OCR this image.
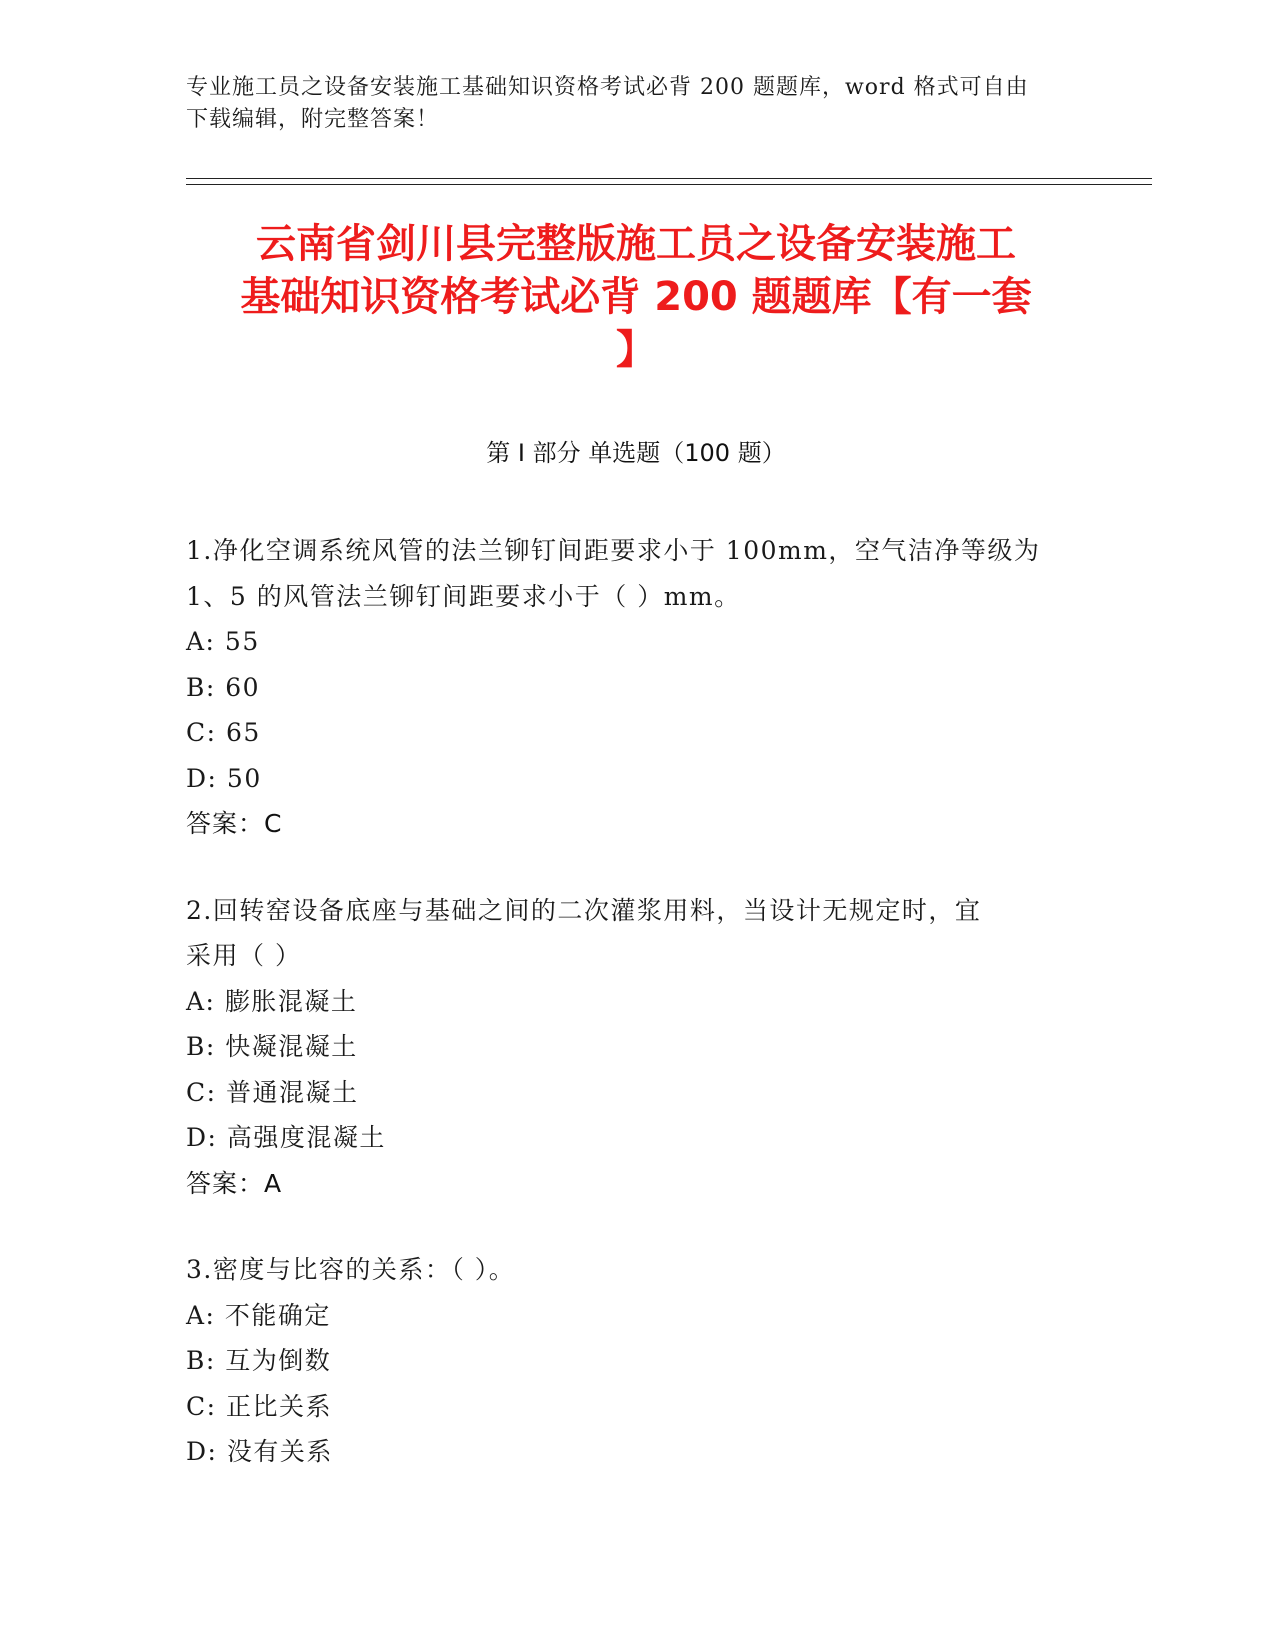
专业施工员之设备安装施工基础知识资格考试必背 200 题题库，word 格式可自由
下载编辑，附完整答案！
云南省剑川县完整版施工员之设备安装施工
基础知识资格考试必背 200 题题库【有一套
】
第 I 部分 单选题（100 题）
1.净化空调系统风管的法兰铆钉间距要求小于 100mm，空气洁净等级为
1、5 的风管法兰铆钉间距要求小于（ ）mm。
A: 55
B: 60
C: 65
D: 50
答案：C
2.回转窑设备底座与基础之间的二次灌浆用料，当设计无规定时，宜
采用（ ）
A: 膨胀混凝土
B: 快凝混凝土
C: 普通混凝土
D: 高强度混凝土
答案：A
3.密度与比容的关系：（ ）。
A: 不能确定
B: 互为倒数
C: 正比关系
D: 没有关系
